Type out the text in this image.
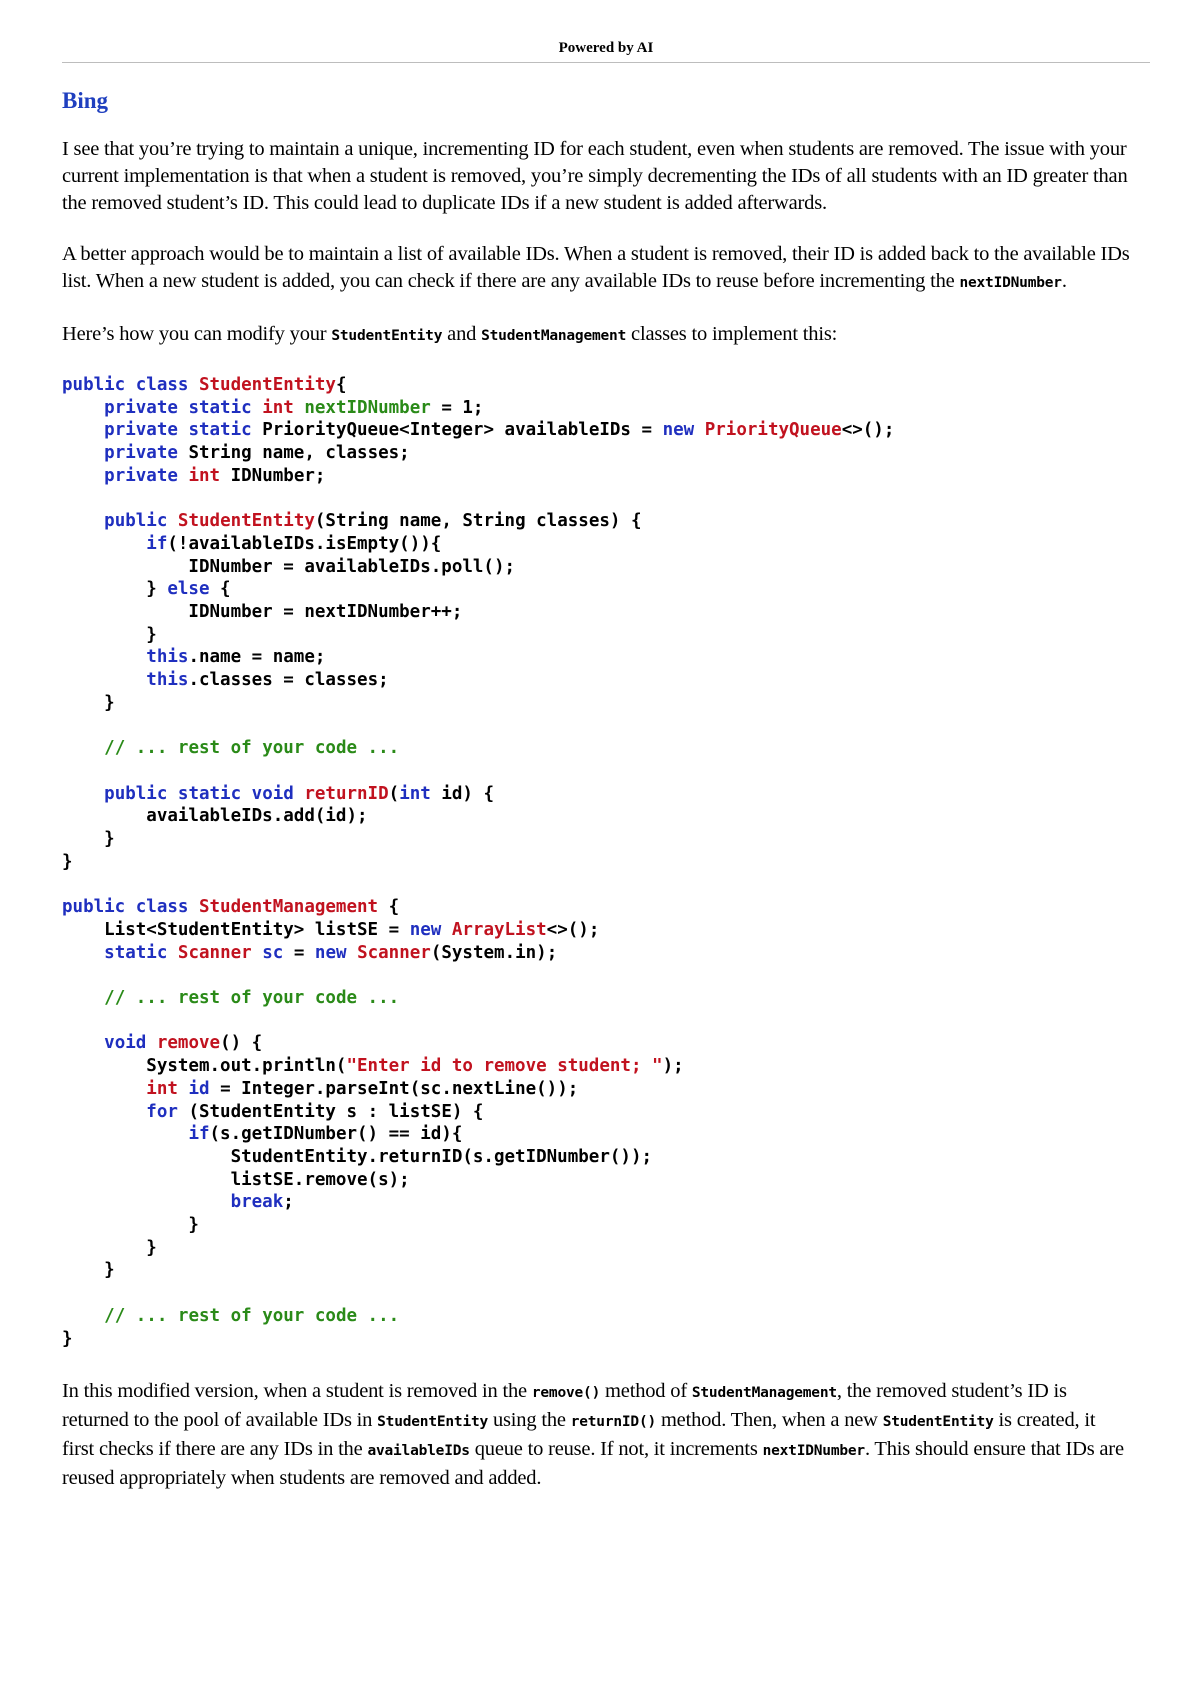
Powered by AI
Bing

I see that you’re trying to maintain a unique, incrementing ID for each student, even when students are removed. The issue with your current implementation is that when a student is removed, you’re simply decrementing the IDs of all students with an ID greater than the removed student’s ID. This could lead to duplicate IDs if a new student is added afterwards.

A better approach would be to maintain a list of available IDs. When a student is removed, their ID is added back to the available IDs list. When a new student is added, you can check if there are any available IDs to reuse before incrementing the nextIDNumber.

Here’s how you can modify your StudentEntity and StudentManagement classes to implement this:

public class StudentEntity{
private static int nextIDNumber = 1;
private static PriorityQueue<Integer> availableIDs = new PriorityQueue<>();
private String name, classes;
private int IDNumber;

public StudentEntity(String name, String classes) {
if(!availableIDs.isEmpty()){
IDNumber = availableIDs.poll();
} else {
IDNumber = nextIDNumber++;
}
this.name = name;
this.classes = classes;
}

// ... rest of your code ...

public static void returnID(int id) {
availableIDs.add(id);
}
}

public class StudentManagement {
List<StudentEntity> listSE = new ArrayList<>();
static Scanner sc = new Scanner(System.in);

// ... rest of your code ...

void remove() {
System.out.println("Enter id to remove student; ");
int id = Integer.parseInt(sc.nextLine());
for (StudentEntity s : listSE) {
if(s.getIDNumber() == id){
StudentEntity.returnID(s.getIDNumber());
listSE.remove(s);
break;
}
}
}

// ... rest of your code ...
}

In this modified version, when a student is removed in the remove() method of StudentManagement, the removed student’s ID is returned to the pool of available IDs in StudentEntity using the returnID() method. Then, when a new StudentEntity is created, it first checks if there are any IDs in the availableIDs queue to reuse. If not, it increments nextIDNumber. This should ensure that IDs are reused appropriately when students are removed and added.
